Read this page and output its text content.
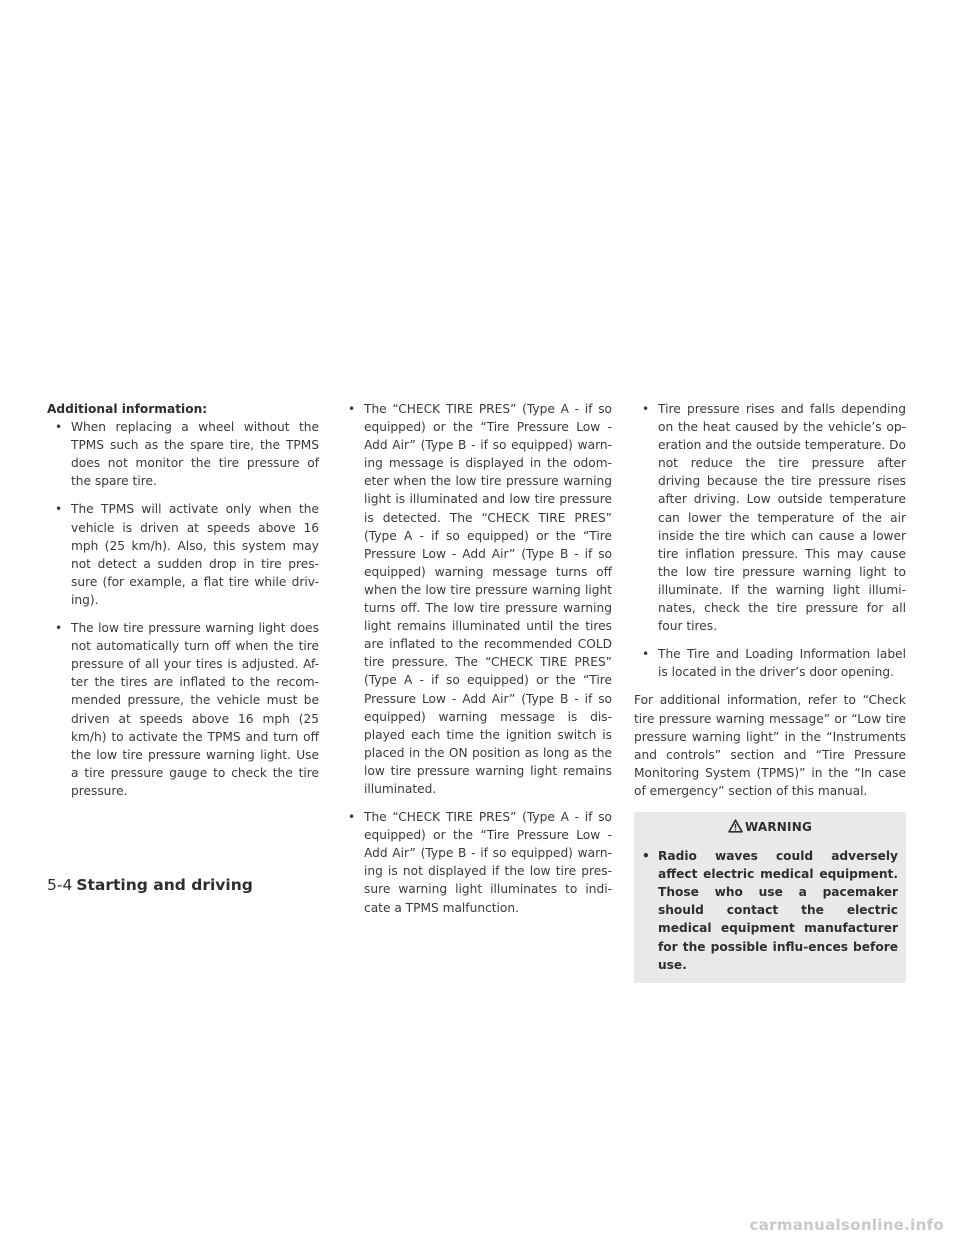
Additional information:
• When replacing a wheel without the TPMS such as the spare tire, the TPMS does not monitor the tire pressure of the spare tire.
• The TPMS will activate only when the vehicle is driven at speeds above 16 mph (25 km/h). Also, this system may not detect a sudden drop in tire pres-sure (for example, a flat tire while driv-ing).
• The low tire pressure warning light does not automatically turn off when the tire pressure of all your tires is adjusted. Af-ter the tires are inflated to the recom-mended pressure, the vehicle must be driven at speeds above 16 mph (25 km/h) to activate the TPMS and turn off the low tire pressure warning light. Use a tire pressure gauge to check the tire pressure.
• The “CHECK TIRE PRES” (Type A - if so equipped) or the “Tire Pressure Low - Add Air” (Type B - if so equipped) warn-ing message is displayed in the odom-eter when the low tire pressure warning light is illuminated and low tire pressure is detected. The “CHECK TIRE PRES” (Type A - if so equipped) or the “Tire Pressure Low - Add Air” (Type B - if so equipped) warning message turns off when the low tire pressure warning light turns off. The low tire pressure warning light remains illuminated until the tires are inflated to the recommended COLD tire pressure. The “CHECK TIRE PRES” (Type A - if so equipped) or the “Tire Pressure Low - Add Air” (Type B - if so equipped) warning message is dis-played each time the ignition switch is placed in the ON position as long as the low tire pressure warning light remains illuminated.
• The “CHECK TIRE PRES” (Type A - if so equipped) or the “Tire Pressure Low - Add Air” (Type B - if so equipped) warn-ing is not displayed if the low tire pres-sure warning light illuminates to indi-cate a TPMS malfunction.
• Tire pressure rises and falls depending on the heat caused by the vehicle’s op-eration and the outside temperature. Do not reduce the tire pressure after driving because the tire pressure rises after driving. Low outside temperature can lower the temperature of the air inside the tire which can cause a lower tire inflation pressure. This may cause the low tire pressure warning light to illuminate. If the warning light illumi-nates, check the tire pressure for all four tires.
• The Tire and Loading Information label is located in the driver’s door opening.

For additional information, refer to “Check tire pressure warning message” or “Low tire pressure warning light” in the “Instruments and controls” section and “Tire Pressure Monitoring System (TPMS)” in the “In case of emergency” section of this manual.

WARNING
• Radio waves could adversely affect electric medical equipment. Those who use a pacemaker should contact the electric medical equipment manufacturer for the possible influ-ences before use.
5-4 Starting and driving
carmanualsonline.info
